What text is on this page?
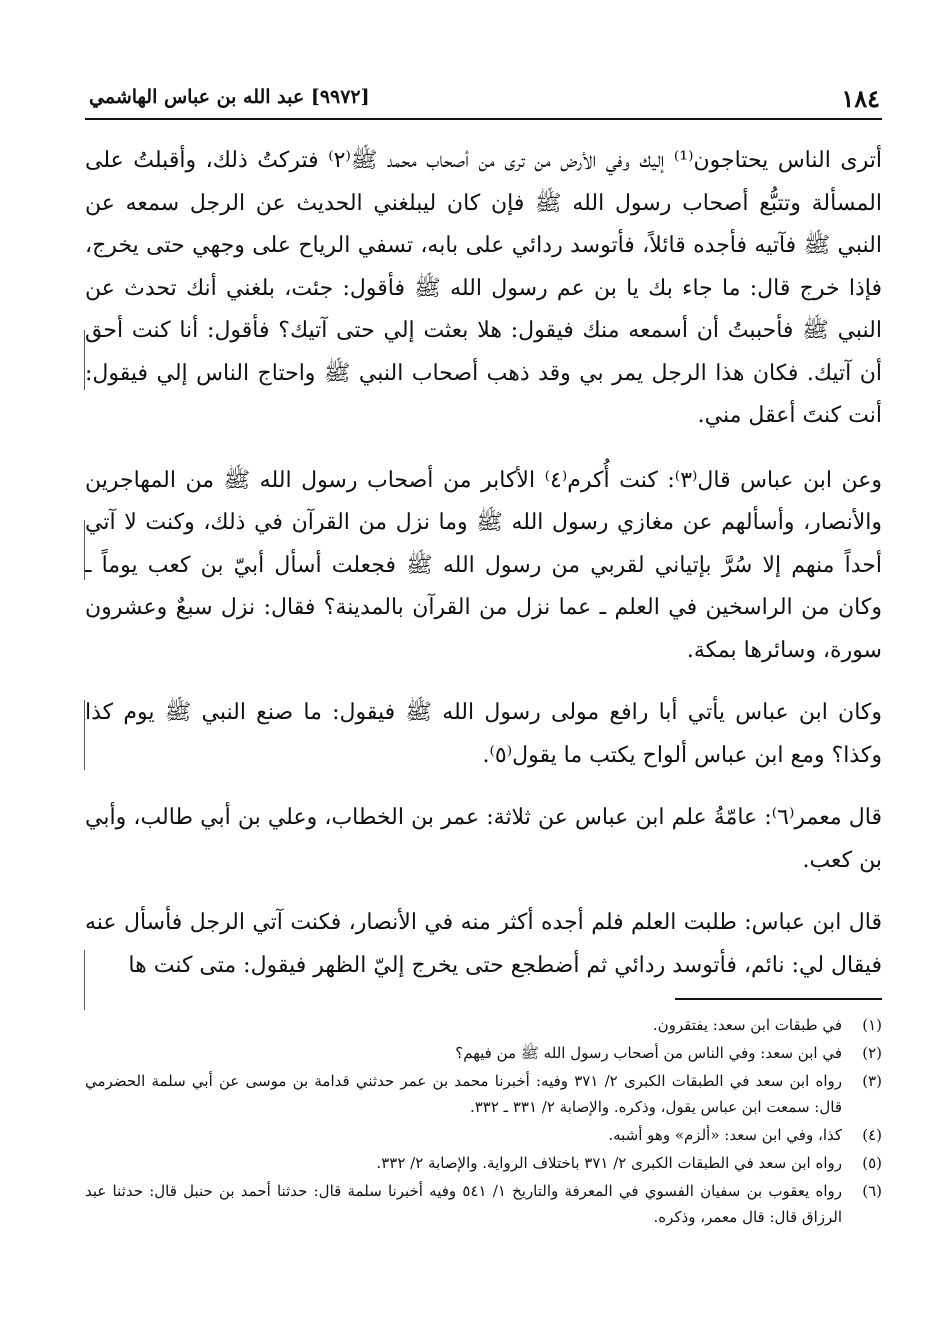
١٨٤
[٩٩٧٢] عبد الله بن عباس الهاشمي

أترى الناس يحتاجون⁽¹⁾ إليك وفي الأرض من ترى من أصحاب محمد ﷺ⁽٢⁾ فتركتُ ذلك، وأقبلتُ على المسألة وتتبُّع أصحاب رسول الله ﷺ فإن كان ليبلغني الحديث عن الرجل سمعه عن النبي ﷺ فآتيه فأجده قائلاً، فأتوسد ردائي على بابه، تسفي الرياح على وجهي حتى يخرج، فإذا خرج قال: ما جاء بك يا بن عم رسول الله ﷺ فأقول: جئت، بلغني أنك تحدث عن النبي ﷺ فأحببتُ أن أسمعه منك فيقول: هلا بعثت إلي حتى آتيك؟ فأقول: أنا كنت أحق أن آتيك. فكان هذا الرجل يمر بي وقد ذهب أصحاب النبي ﷺ واحتاج الناس إلي فيقول: أنت كنتَ أعقل مني.

وعن ابن عباس قال⁽٣⁾: كنت أُكرم⁽٤⁾ الأكابر من أصحاب رسول الله ﷺ من المهاجرين والأنصار، وأسألهم عن مغازي رسول الله ﷺ وما نزل من القرآن في ذلك، وكنت لا آتي أحداً منهم إلا سُرَّ بإتياني لقربي من رسول الله ﷺ فجعلت أسأل أبيّ بن كعب يوماً ـ وكان من الراسخين في العلم ـ عما نزل من القرآن بالمدينة؟ فقال: نزل سبعٌ وعشرون سورة، وسائرها بمكة.

وكان ابن عباس يأتي أبا رافع مولى رسول الله ﷺ فيقول: ما صنع النبي ﷺ يوم كذا وكذا؟ ومع ابن عباس ألواح يكتب ما يقول⁽٥⁾.

قال معمر⁽٦⁾: عامّةُ علم ابن عباس عن ثلاثة: عمر بن الخطاب، وعلي بن أبي طالب، وأبي بن كعب.

قال ابن عباس: طلبت العلم فلم أجده أكثر منه في الأنصار، فكنت آتي الرجل فأسأل عنه فيقال لي: نائم، فأتوسد ردائي ثم أضطجع حتى يخرج إليّ الظهر فيقول: متى كنت ها

(١)
في طبقات ابن سعد: يفتقرون.
(٢)
في ابن سعد: وفي الناس من أصحاب رسول الله ﷺ من فيهم؟
(٣)
رواه ابن سعد في الطبقات الكبرى ٢/ ٣٧١ وفيه: أخبرنا محمد بن عمر حدثني قدامة بن موسى عن أبي سلمة الحضرمي قال: سمعت ابن عباس يقول، وذكره. والإصابة ٢/ ٣٣١ ـ ٣٣٢.
(٤)
كذا، وفي ابن سعد: «ألزم» وهو أشبه.
(٥)
رواه ابن سعد في الطبقات الكبرى ٢/ ٣٧١ باختلاف الرواية. والإصابة ٢/ ٣٣٢.
(٦)
رواه يعقوب بن سفيان الفسوي في المعرفة والتاريخ ١/ ٥٤١ وفيه أخبرنا سلمة قال: حدثنا أحمد بن حنبل قال: حدثنا عبد الرزاق قال: قال معمر، وذكره.
